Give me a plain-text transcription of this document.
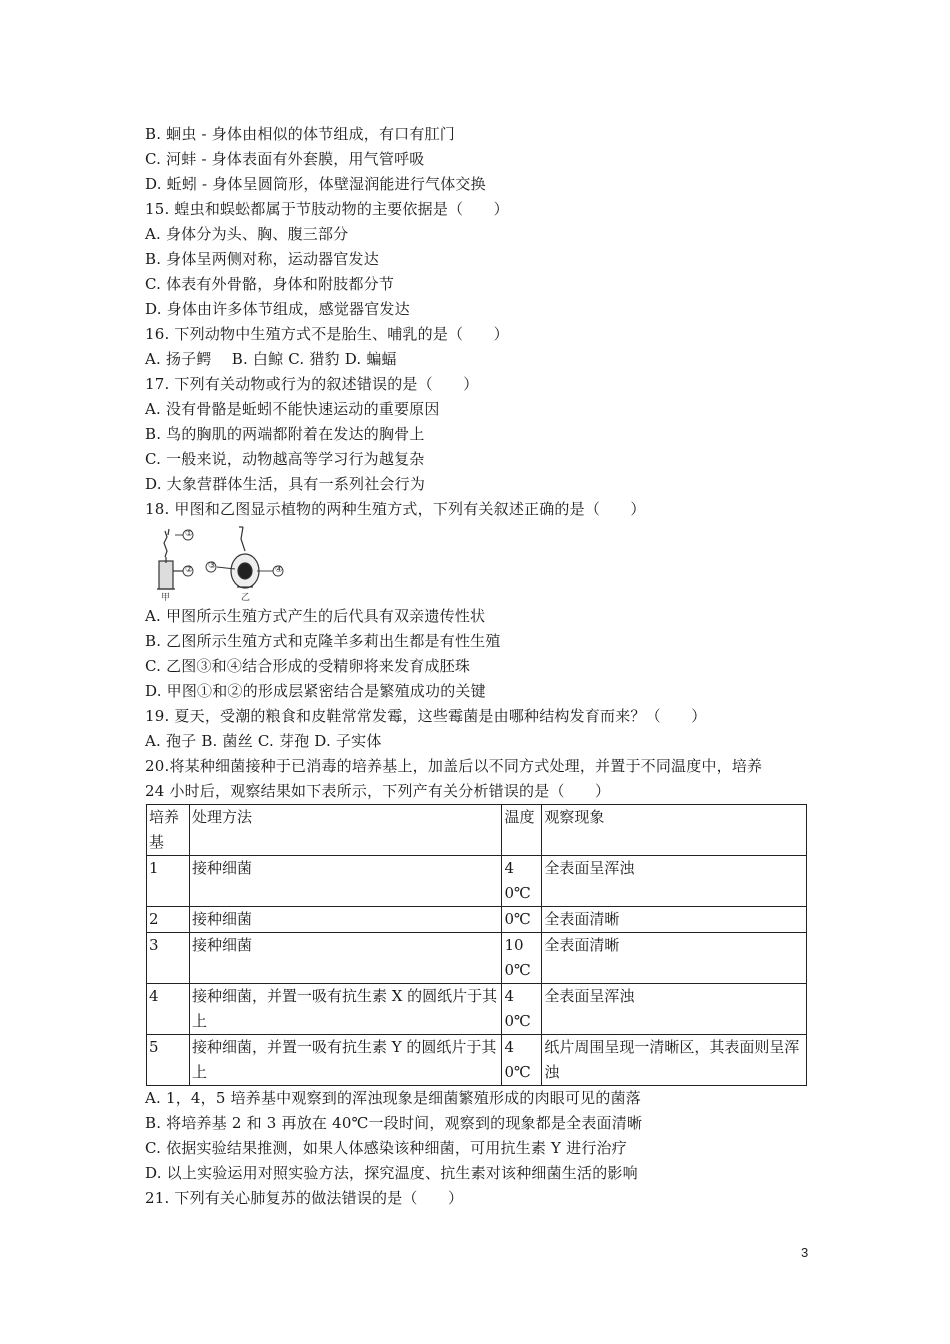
B. 蛔虫 - 身体由相似的体节组成，有口有肛门
C. 河蚌 - 身体表面有外套膜，用气管呼吸
D. 蚯蚓 - 身体呈圆筒形，体壁湿润能进行气体交换
15. 蝗虫和蜈蚣都属于节肢动物的主要依据是（　　）
A. 身体分为头、胸、腹三部分
B. 身体呈两侧对称，运动器官发达
C. 体表有外骨骼，身体和附肢都分节
D. 身体由许多体节组成，感觉器官发达
16. 下列动物中生殖方式不是胎生、哺乳的是（　　）
A. 扬子鳄　 B. 白鲸 C. 猎豹 D. 蝙蝠
17. 下列有关动物或行为的叙述错误的是（　　）
A. 没有骨骼是蚯蚓不能快速运动的重要原因
B. 鸟的胸肌的两端都附着在发达的胸骨上
C. 一般来说，动物越高等学习行为越复杂
D. 大象营群体生活，具有一系列社会行为
18. 甲图和乙图显示植物的两种生殖方式，下列有关叙述正确的是（　　）
①
② ③	④
甲	乙
A. 甲图所示生殖方式产生的后代具有双亲遗传性状
B. 乙图所示生殖方式和克隆羊多莉出生都是有性生殖
C. 乙图③和④结合形成的受精卵将来发育成胚珠
D. 甲图①和②的形成层紧密结合是繁殖成功的关键
19. 夏天，受潮的粮食和皮鞋常常发霉，这些霉菌是由哪种结构发育而来？（　　）
A. 孢子 B. 菌丝 C. 芽孢 D. 子实体
20.将某种细菌接种于已消毒的培养基上，加盖后以不同方式处理，并置于不同温度中，培养
24 小时后，观察结果如下表所示，下列产有关分析错误的是（　　）
培养基	处理方法	温度	观察现象
1	接种细菌	40℃	全表面呈浑浊
2	接种细菌	0℃	全表面清晰
3	接种细菌	100℃	全表面清晰
4	接种细菌，并置一吸有抗生素 X 的圆纸片于其上	40℃	全表面呈浑浊
5	接种细菌，并置一吸有抗生素 Y 的圆纸片于其上	40℃	纸片周围呈现一清晰区，其表面则呈浑浊
A. 1，4，5 培养基中观察到的浑浊现象是细菌繁殖形成的肉眼可见的菌落
B. 将培养基 2 和 3 再放在 40℃一段时间，观察到的现象都是全表面清晰
C. 依据实验结果推测，如果人体感染该种细菌，可用抗生素 Y 进行治疗
D. 以上实验运用对照实验方法，探究温度、抗生素对该种细菌生活的影响
21. 下列有关心肺复苏的做法错误的是（　　）
3
